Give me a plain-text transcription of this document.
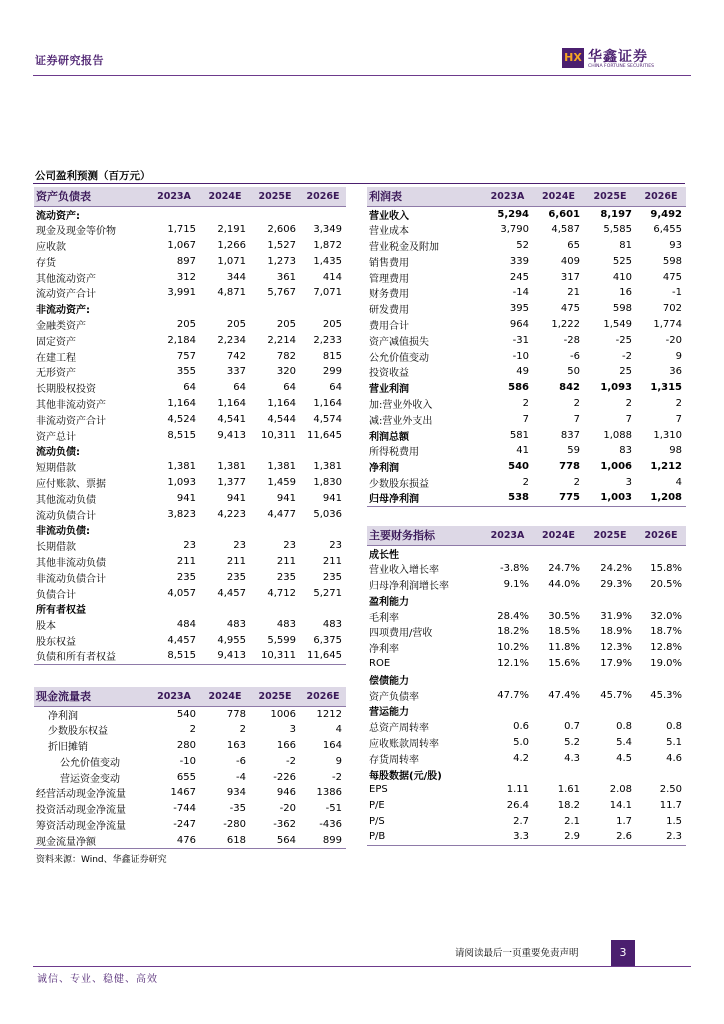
证券研究报告	HX 华鑫证券
CHINA FORTUNE SECURITIES
公司盈利预测（百万元）
资产负债表	2023A	2024E	2025E	2026E
流动资产:				
现金及现金等价物	1,715	2,191	2,606	3,349
应收款	1,067	1,266	1,527	1,872
存货	897	1,071	1,273	1,435
其他流动资产	312	344	361	414
流动资产合计	3,991	4,871	5,767	7,071
非流动资产:				
金融类资产	205	205	205	205
固定资产	2,184	2,234	2,214	2,233
在建工程	757	742	782	815
无形资产	355	337	320	299
长期股权投资	64	64	64	64
其他非流动资产	1,164	1,164	1,164	1,164
非流动资产合计	4,524	4,541	4,544	4,574
资产总计	8,515	9,413	10,311	11,645
流动负债:				
短期借款	1,381	1,381	1,381	1,381
应付账款、票据	1,093	1,377	1,459	1,830
其他流动负债	941	941	941	941
流动负债合计	3,823	4,223	4,477	5,036
非流动负债:				
长期借款	23	23	23	23
其他非流动负债	211	211	211	211
非流动负债合计	235	235	235	235
负债合计	4,057	4,457	4,712	5,271
所有者权益				
股本	484	483	483	483
股东权益	4,457	4,955	5,599	6,375
负债和所有者权益	8,515	9,413	10,311	11,645
利润表	2023A	2024E	2025E	2026E
营业收入	5,294	6,601	8,197	9,492
营业成本	3,790	4,587	5,585	6,455
营业税金及附加	52	65	81	93
销售费用	339	409	525	598
管理费用	245	317	410	475
财务费用	-14	21	16	-1
研发费用	395	475	598	702
费用合计	964	1,222	1,549	1,774
资产减值损失	-31	-28	-25	-20
公允价值变动	-10	-6	-2	9
投资收益	49	50	25	36
营业利润	586	842	1,093	1,315
加:营业外收入	2	2	2	2
减:营业外支出	7	7	7	7
利润总额	581	837	1,088	1,310
所得税费用	41	59	83	98
净利润	540	778	1,006	1,212
少数股东损益	2	2	3	4
归母净利润	538	775	1,003	1,208
主要财务指标	2023A	2024E	2025E	2026E
成长性				
营业收入增长率	-3.8%	24.7%	24.2%	15.8%
归母净利润增长率	9.1%	44.0%	29.3%	20.5%
盈利能力				
毛利率	28.4%	30.5%	31.9%	32.0%
四项费用/营收	18.2%	18.5%	18.9%	18.7%
净利率	10.2%	11.8%	12.3%	12.8%
ROE	12.1%	15.6%	17.9%	19.0%
偿债能力				
资产负债率	47.7%	47.4%	45.7%	45.3%
营运能力				
总资产周转率	0.6	0.7	0.8	0.8
应收账款周转率	5.0	5.2	5.4	5.1
存货周转率	4.2	4.3	4.5	4.6
每股数据(元/股)				
EPS	1.11	1.61	2.08	2.50
P/E	26.4	18.2	14.1	11.7
P/S	2.7	2.1	1.7	1.5
P/B	3.3	2.9	2.6	2.3
现金流量表	2023A	2024E	2025E	2026E
净利润	540	778	1006	1212
少数股东权益	2	2	3	4
折旧摊销	280	163	166	164
公允价值变动	-10	-6	-2	9
营运资金变动	655	-4	-226	-2
经营活动现金净流量	1467	934	946	1386
投资活动现金净流量	-744	-35	-20	-51
筹资活动现金净流量	-247	-280	-362	-436
现金流量净额	476	618	564	899
资料来源：Wind、华鑫证券研究
请阅读最后一页重要免责声明	3
诚信、专业、稳健、高效
